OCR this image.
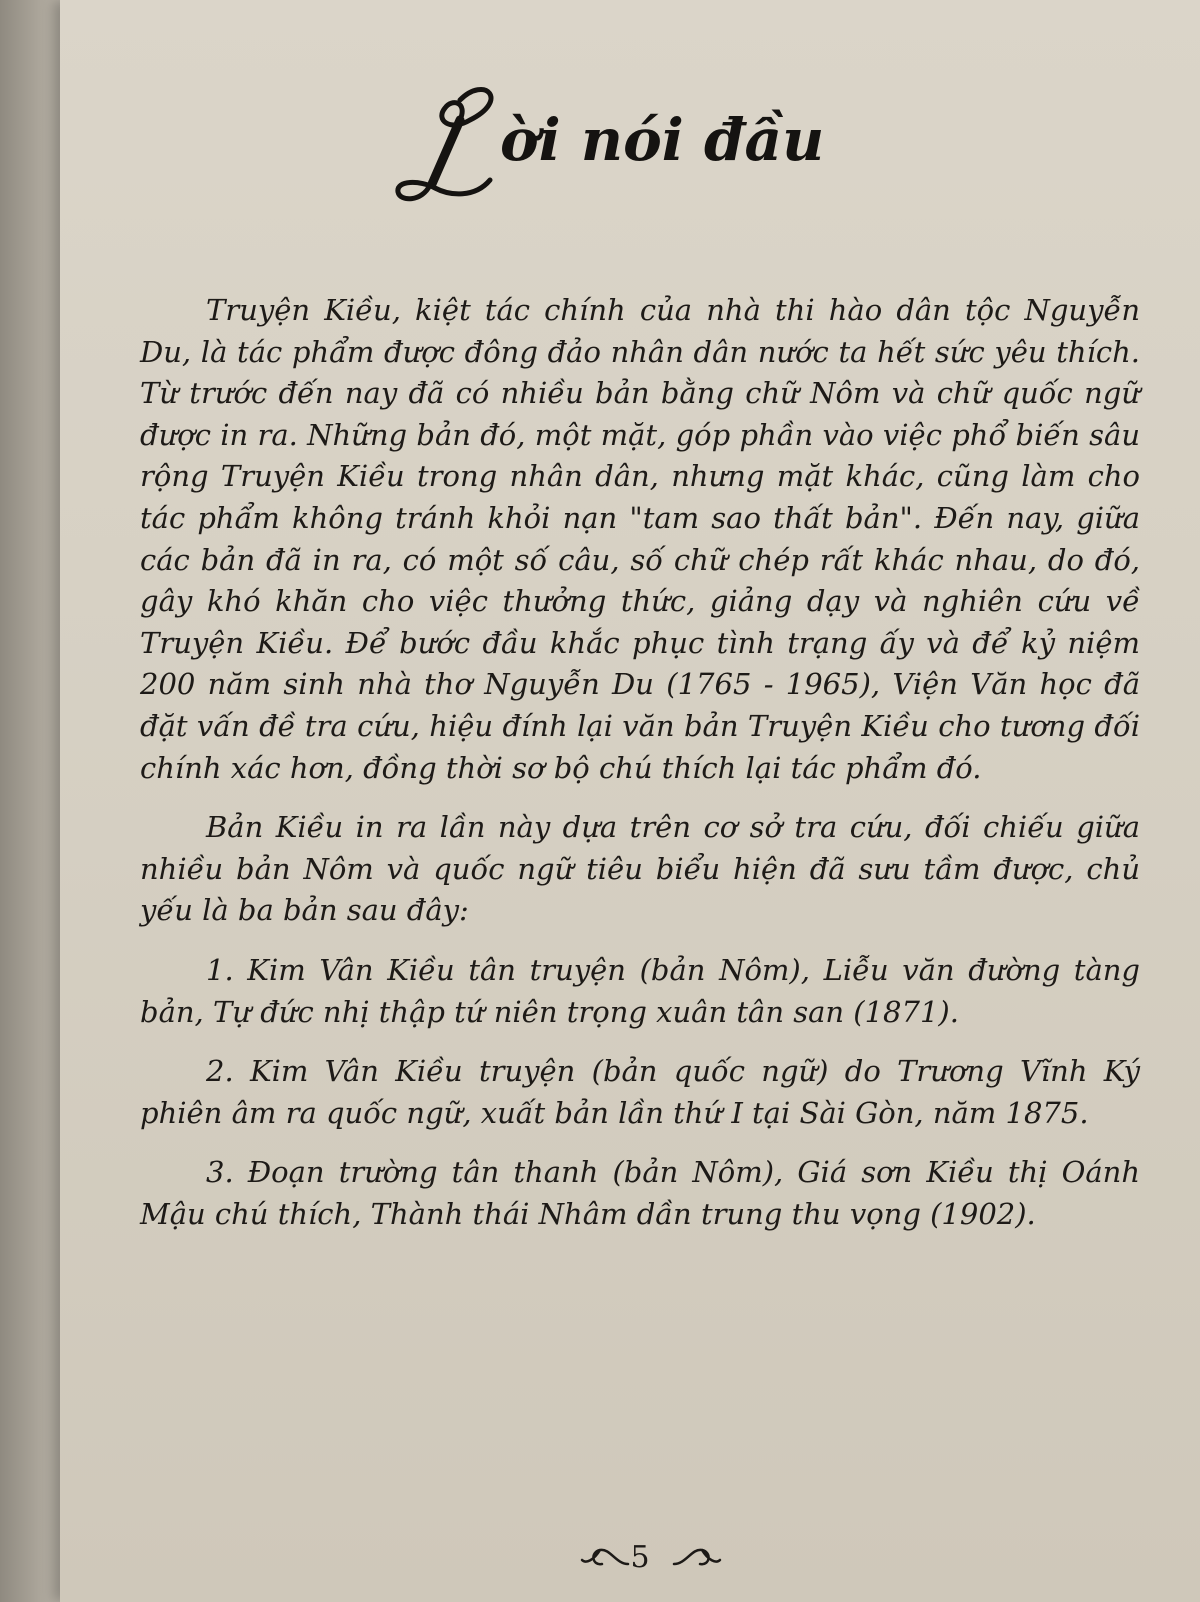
ời nói đầu

Truyện Kiều, kiệt tác chính của nhà thi hào dân tộc Nguyễn Du, là tác phẩm được đông đảo nhân dân nước ta hết sức yêu thích. Từ trước đến nay đã có nhiều bản bằng chữ Nôm và chữ quốc ngữ được in ra. Những bản đó, một mặt, góp phần vào việc phổ biến sâu rộng Truyện Kiều trong nhân dân, nhưng mặt khác, cũng làm cho tác phẩm không tránh khỏi nạn "tam sao thất bản". Đến nay, giữa các bản đã in ra, có một số câu, số chữ chép rất khác nhau, do đó, gây khó khăn cho việc thưởng thức, giảng dạy và nghiên cứu về Truyện Kiều. Để bước đầu khắc phục tình trạng ấy và để kỷ niệm 200 năm sinh nhà thơ Nguyễn Du (1765 - 1965), Viện Văn học đã đặt vấn đề tra cứu, hiệu đính lại văn bản Truyện Kiều cho tương đối chính xác hơn, đồng thời sơ bộ chú thích lại tác phẩm đó.

Bản Kiều in ra lần này dựa trên cơ sở tra cứu, đối chiếu giữa nhiều bản Nôm và quốc ngữ tiêu biểu hiện đã sưu tầm được, chủ yếu là ba bản sau đây:

1. Kim Vân Kiều tân truyện (bản Nôm), Liễu văn đường tàng bản, Tự đức nhị thập tứ niên trọng xuân tân san (1871).

2. Kim Vân Kiều truyện (bản quốc ngữ) do Trương Vĩnh Ký phiên âm ra quốc ngữ, xuất bản lần thứ I tại Sài Gòn, năm 1875.

3. Đoạn trường tân thanh (bản Nôm), Giá sơn Kiều thị Oánh Mậu chú thích, Thành thái Nhâm dần trung thu vọng (1902).

5
